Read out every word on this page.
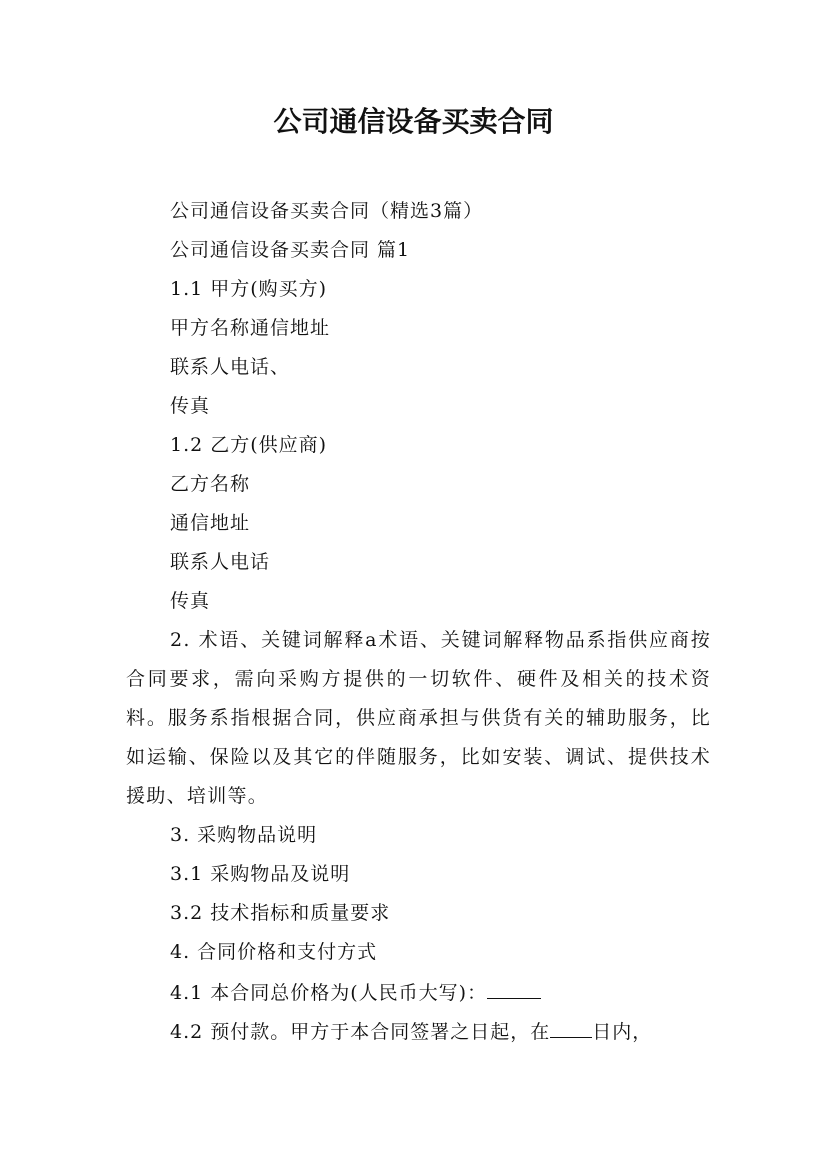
公司通信设备买卖合同
公司通信设备买卖合同（精选3篇）
公司通信设备买卖合同 篇1
1.1 甲方(购买方)
甲方名称通信地址
联系人电话、
传真
1.2 乙方(供应商)
乙方名称
通信地址
联系人电话
传真

2. 术语、关键词解释a术语、关键词解释物品系指供应商按合同要求，需向采购方提供的一切软件、硬件及相关的技术资料。服务系指根据合同，供应商承担与供货有关的辅助服务，比如运输、保险以及其它的伴随服务，比如安装、调试、提供技术援助、培训等。

3. 采购物品说明
3.1 采购物品及说明
3.2 技术指标和质量要求
4. 合同价格和支付方式
4.1 本合同总价格为(人民币大写)：
4.2 预付款。甲方于本合同签署之日起，在 日内，
